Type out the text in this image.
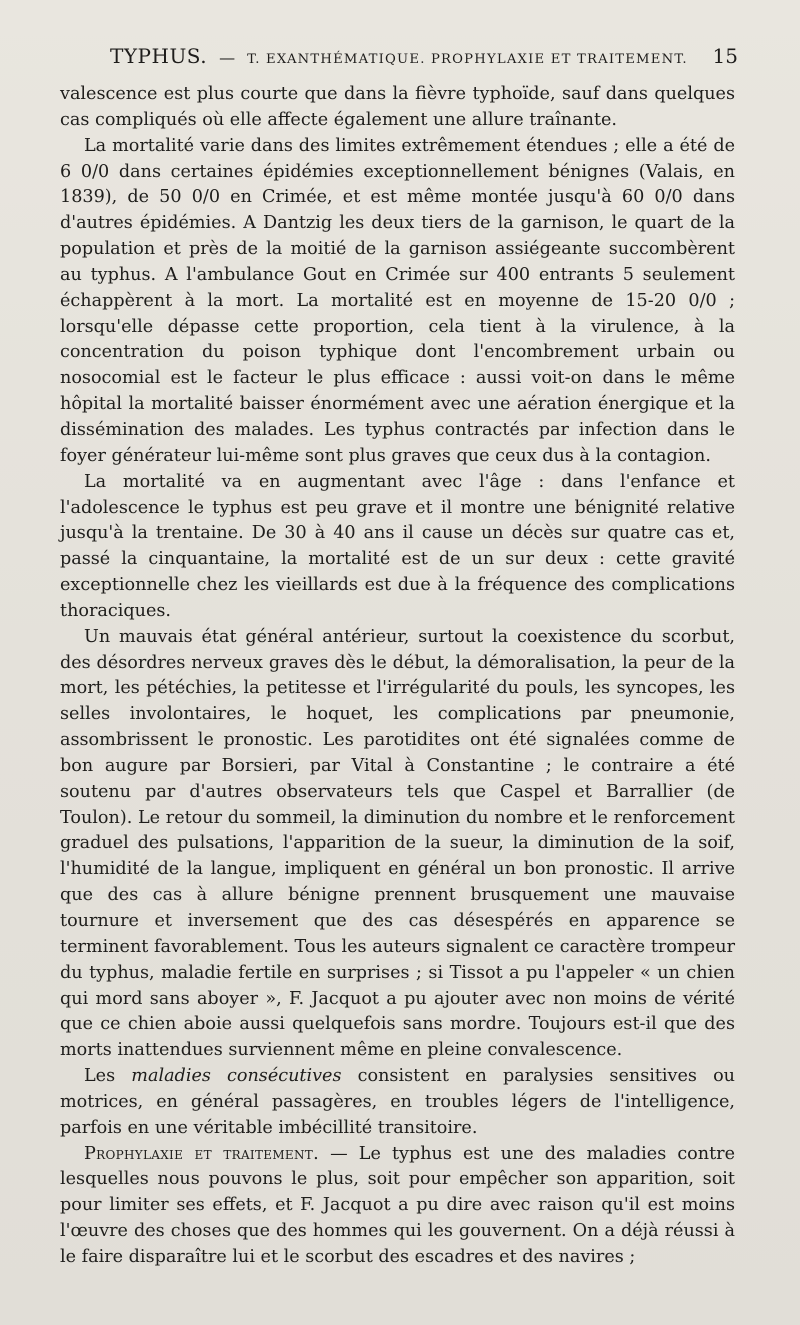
TYPHUS. — T. EXANTHÉMATIQUE. PROPHYLAXIE ET TRAITEMENT. 15

valescence est plus courte que dans la fièvre typhoïde, sauf dans quelques cas compliqués où elle affecte également une allure traînante.

La mortalité varie dans des limites extrêmement étendues ; elle a été de 6 0/0 dans certaines épidémies exceptionnellement bénignes (Valais, en 1839), de 50 0/0 en Crimée, et est même montée jusqu'à 60 0/0 dans d'autres épidémies. A Dantzig les deux tiers de la garnison, le quart de la population et près de la moitié de la garnison assiégeante succombèrent au typhus. A l'ambulance Gout en Crimée sur 400 entrants 5 seulement échappèrent à la mort. La mortalité est en moyenne de 15-20 0/0 ; lorsqu'elle dépasse cette proportion, cela tient à la virulence, à la concentration du poison typhique dont l'encombrement urbain ou nosocomial est le facteur le plus efficace : aussi voit-on dans le même hôpital la mortalité baisser énormément avec une aération énergique et la dissémination des malades. Les typhus contractés par infection dans le foyer générateur lui-même sont plus graves que ceux dus à la contagion.

La mortalité va en augmentant avec l'âge : dans l'enfance et l'adolescence le typhus est peu grave et il montre une bénignité relative jusqu'à la trentaine. De 30 à 40 ans il cause un décès sur quatre cas et, passé la cinquantaine, la mortalité est de un sur deux : cette gravité exceptionnelle chez les vieillards est due à la fréquence des complications thoraciques.

Un mauvais état général antérieur, surtout la coexistence du scorbut, des désordres nerveux graves dès le début, la démoralisation, la peur de la mort, les pétéchies, la petitesse et l'irrégularité du pouls, les syncopes, les selles involontaires, le hoquet, les complications par pneumonie, assombrissent le pronostic. Les parotidites ont été signalées comme de bon augure par Borsieri, par Vital à Constantine ; le contraire a été soutenu par d'autres observateurs tels que Caspel et Barrallier (de Toulon). Le retour du sommeil, la diminution du nombre et le renforcement graduel des pulsations, l'apparition de la sueur, la diminution de la soif, l'humidité de la langue, impliquent en général un bon pronostic. Il arrive que des cas à allure bénigne prennent brusquement une mauvaise tournure et inversement que des cas désespérés en apparence se terminent favorablement. Tous les auteurs signalent ce caractère trompeur du typhus, maladie fertile en surprises ; si Tissot a pu l'appeler « un chien qui mord sans aboyer », F. Jacquot a pu ajouter avec non moins de vérité que ce chien aboie aussi quelquefois sans mordre. Toujours est-il que des morts inattendues surviennent même en pleine convalescence.

Les maladies consécutives consistent en paralysies sensitives ou motrices, en général passagères, en troubles légers de l'intelligence, parfois en une véritable imbécillité transitoire.

Prophylaxie et traitement. — Le typhus est une des maladies contre lesquelles nous pouvons le plus, soit pour empêcher son apparition, soit pour limiter ses effets, et F. Jacquot a pu dire avec raison qu'il est moins l'œuvre des choses que des hommes qui les gouvernent. On a déjà réussi à le faire disparaître lui et le scorbut des escadres et des navires ;
